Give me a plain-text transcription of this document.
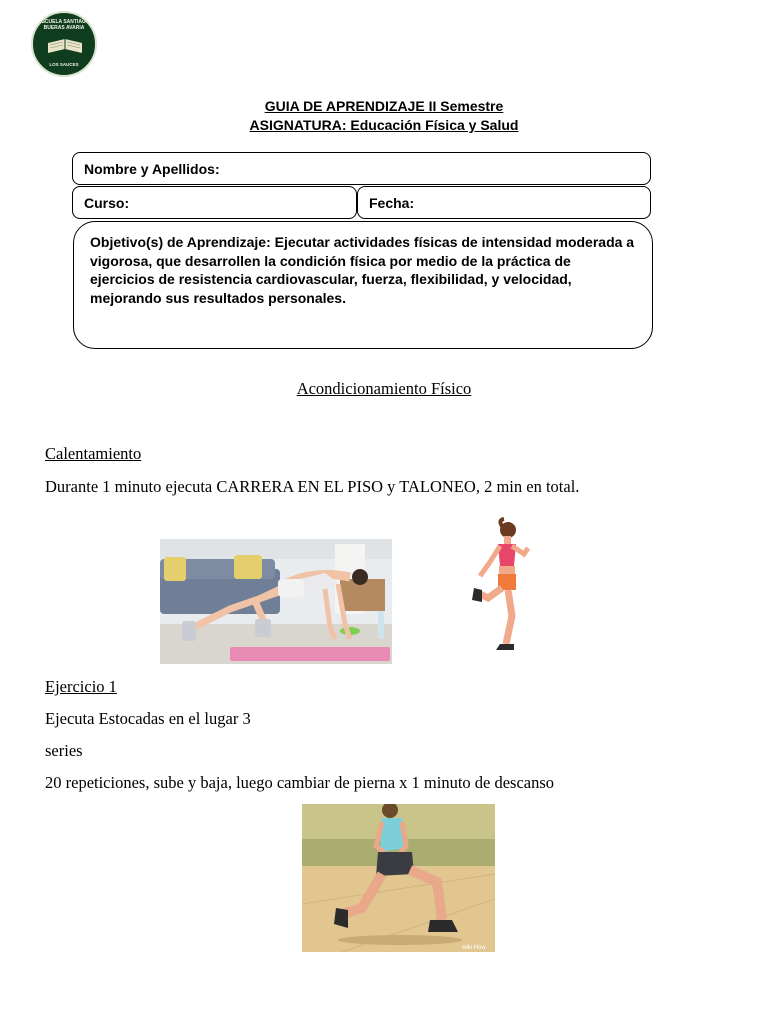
ESCUELA SANTIAGO BUERAS AVARIA
LOS SAUCES
GUIA DE APRENDIZAJE II Semestre
ASIGNATURA: Educación Física y Salud
Nombre y Apellidos:
Curso:	Fecha:
Objetivo(s) de Aprendizaje: Ejecutar actividades físicas de intensidad moderada a vigorosa, que desarrollen la condición física por medio de la práctica de ejercicios de resistencia cardiovascular, fuerza, flexibilidad, y velocidad, mejorando sus resultados personales.
Acondicionamiento Físico
Calentamiento
Durante 1 minuto ejecuta CARRERA EN EL PISO y TALONEO, 2 min en total.
Ejercicio 1
Ejecuta Estocadas en el lugar 3
series
20 repeticiones, sube y baja, luego cambiar de pierna x 1 minuto de descanso
wiki How
